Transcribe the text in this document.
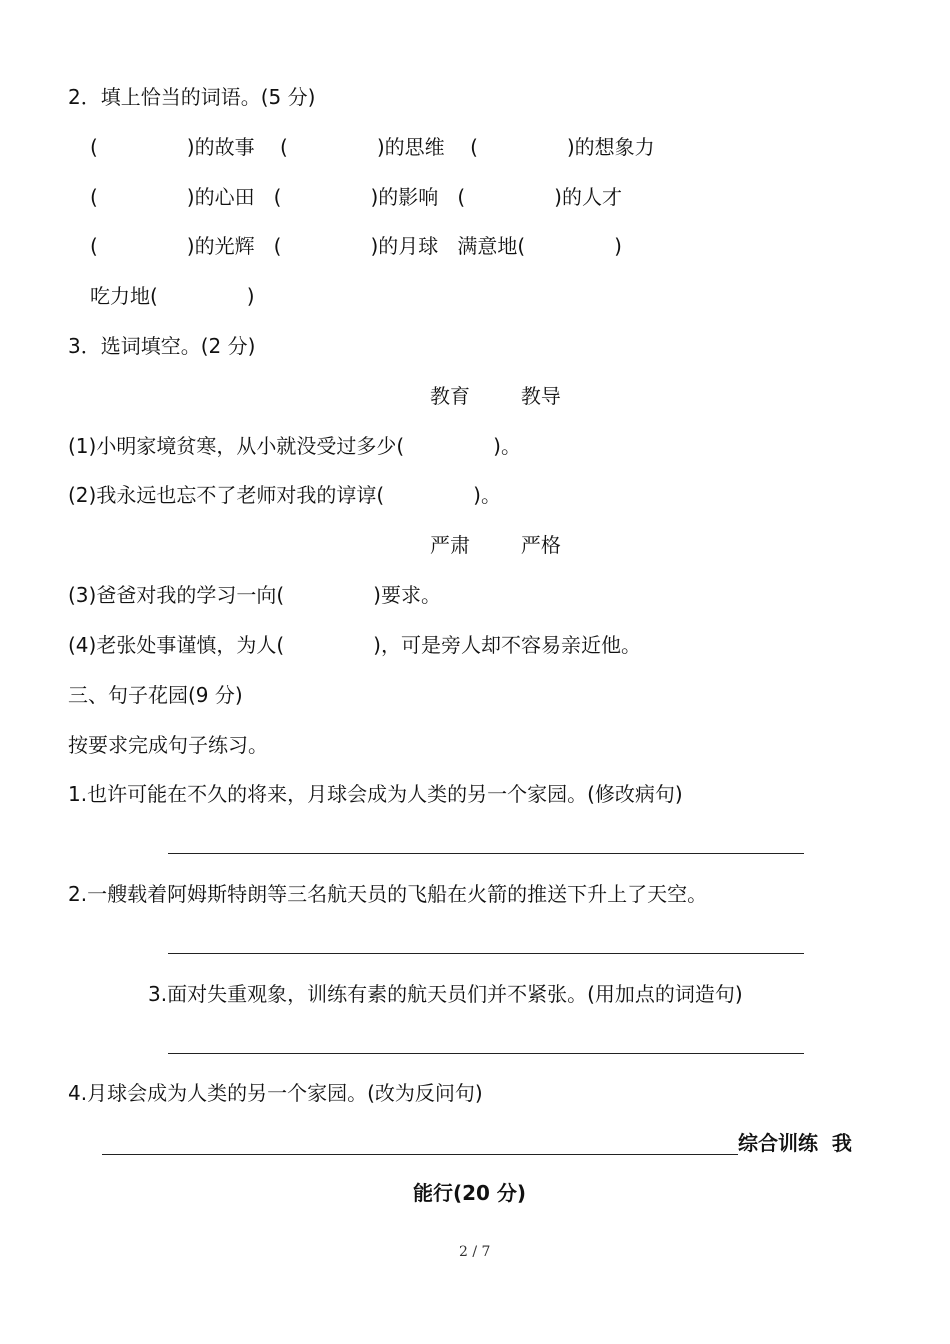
2．填上恰当的词语。(5 分)
(              )的故事    (              )的思维    (              )的想象力
(              )的心田   (              )的影响   (              )的人才
(              )的光辉   (              )的月球   满意地(              )
吃力地(              )
3．选词填空。(2 分)
教育        教导
(1)小明家境贫寒，从小就没受过多少(              )。
(2)我永远也忘不了老师对我的谆谆(              )。
严肃        严格
(3)爸爸对我的学习一向(              )要求。
(4)老张处事谨慎，为人(              )，可是旁人却不容易亲近他。
三、句子花园(9 分)
按要求完成句子练习。
1.也许可能在不久的将来，月球会成为人类的另一个家园。(修改病句)
2.一艘载着阿姆斯特朗等三名航天员的飞船在火箭的推送下升上了天空。
3.面对失重观象，训练有素的航天员们并不紧张。(用加点的词造句)
4.月球会成为人类的另一个家园。(改为反问句)
综合训练  我
能行(20 分)
2 / 7
